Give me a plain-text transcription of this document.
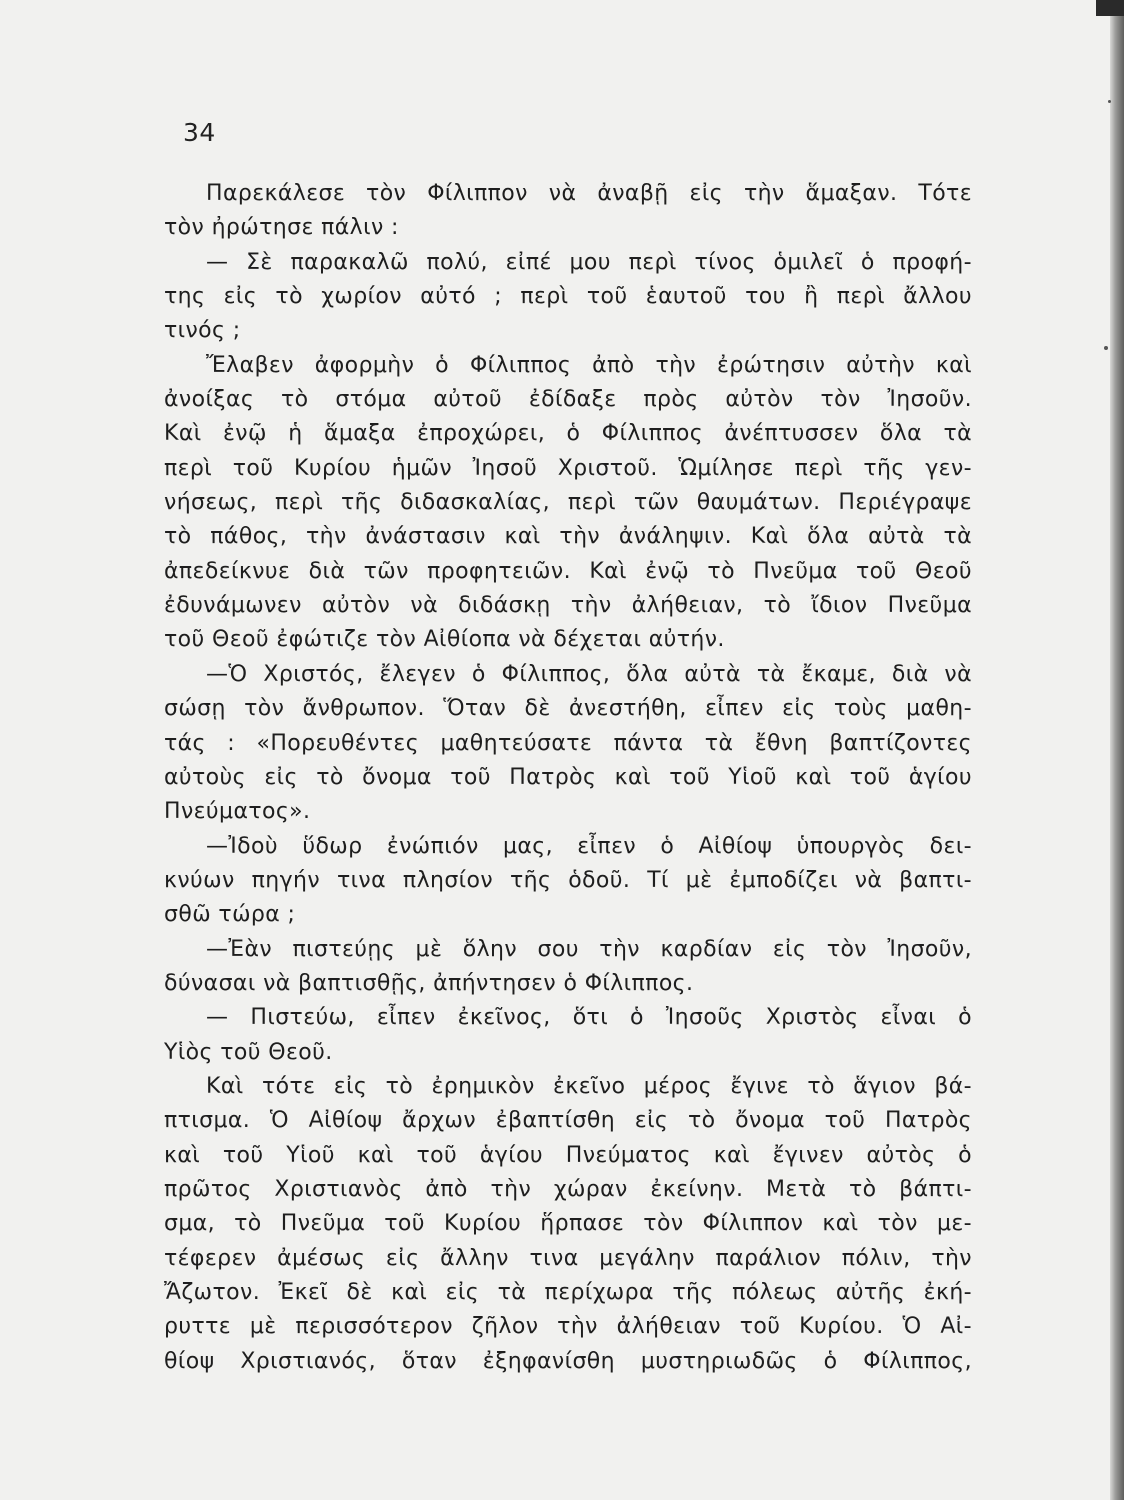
34
Παρεκάλεσε τὸν Φίλιππον νὰ ἀναβῇ εἰς τὴν ἅμαξαν. Τότε
τὸν ἠρώτησε πάλιν :
— Σὲ παρακαλῶ πολύ, εἰπέ μου περὶ τίνος ὁμιλεῖ ὁ προφή-
της εἰς τὸ χωρίον αὐτό ; περὶ τοῦ ἑαυτοῦ του ἢ περὶ ἄλλου
τινός ;
Ἔλαβεν ἀφορμὴν ὁ Φίλιππος ἀπὸ τὴν ἐρώτησιν αὐτὴν καὶ
ἀνοίξας τὸ στόμα αὐτοῦ ἐδίδαξε πρὸς αὐτὸν τὸν Ἰησοῦν.
Καὶ ἐνῷ ἡ ἅμαξα ἐπροχώρει, ὁ Φίλιππος ἀνέπτυσσεν ὅλα τὰ
περὶ τοῦ Κυρίου ἡμῶν Ἰησοῦ Χριστοῦ. Ὡμίλησε περὶ τῆς γεν-
νήσεως, περὶ τῆς διδασκαλίας, περὶ τῶν θαυμάτων. Περιέγραψε
τὸ πάθος, τὴν ἀνάστασιν καὶ τὴν ἀνάληψιν. Καὶ ὅλα αὐτὰ τὰ
ἀπεδείκνυε διὰ τῶν προφητειῶν. Καὶ ἐνῷ τὸ Πνεῦμα τοῦ Θεοῦ
ἐδυνάμωνεν αὐτὸν νὰ διδάσκῃ τὴν ἀλήθειαν, τὸ ἴδιον Πνεῦμα
τοῦ Θεοῦ ἐφώτιζε τὸν Αἰθίοπα νὰ δέχεται αὐτήν.
—Ὁ Χριστός, ἔλεγεν ὁ Φίλιππος, ὅλα αὐτὰ τὰ ἔκαμε, διὰ νὰ
σώσῃ τὸν ἄνθρωπον. Ὅταν δὲ ἀνεστήθη, εἶπεν εἰς τοὺς μαθη-
τάς : «Πορευθέντες μαθητεύσατε πάντα τὰ ἔθνη βαπτίζοντες
αὐτοὺς εἰς τὸ ὄνομα τοῦ Πατρὸς καὶ τοῦ Υἱοῦ καὶ τοῦ ἁγίου
Πνεύματος».
—Ἰδοὺ ὕδωρ ἐνώπιόν μας, εἶπεν ὁ Αἰθίοψ ὑπουργὸς δει-
κνύων πηγήν τινα πλησίον τῆς ὁδοῦ. Τί μὲ ἐμποδίζει νὰ βαπτι-
σθῶ τώρα ;
—Ἐὰν πιστεύῃς μὲ ὅλην σου τὴν καρδίαν εἰς τὸν Ἰησοῦν,
δύνασαι νὰ βαπτισθῇς, ἀπήντησεν ὁ Φίλιππος.
— Πιστεύω, εἶπεν ἐκεῖνος, ὅτι ὁ Ἰησοῦς Χριστὸς εἶναι ὁ
Υἱὸς τοῦ Θεοῦ.
Καὶ τότε εἰς τὸ ἐρημικὸν ἐκεῖνο μέρος ἔγινε τὸ ἅγιον βά-
πτισμα. Ὁ Αἰθίοψ ἄρχων ἐβαπτίσθη εἰς τὸ ὄνομα τοῦ Πατρὸς
καὶ τοῦ Υἱοῦ καὶ τοῦ ἁγίου Πνεύματος καὶ ἔγινεν αὐτὸς ὁ
πρῶτος Χριστιανὸς ἀπὸ τὴν χώραν ἐκείνην. Μετὰ τὸ βάπτι-
σμα, τὸ Πνεῦμα τοῦ Κυρίου ἥρπασε τὸν Φίλιππον καὶ τὸν με-
τέφερεν ἀμέσως εἰς ἄλλην τινα μεγάλην παράλιον πόλιν, τὴν
Ἄζωτον. Ἐκεῖ δὲ καὶ εἰς τὰ περίχωρα τῆς πόλεως αὐτῆς ἐκή-
ρυττε μὲ περισσότερον ζῆλον τὴν ἀλήθειαν τοῦ Κυρίου. Ὁ Αἰ-
θίοψ Χριστιανός, ὅταν ἐξηφανίσθη μυστηριωδῶς ὁ Φίλιππος,
